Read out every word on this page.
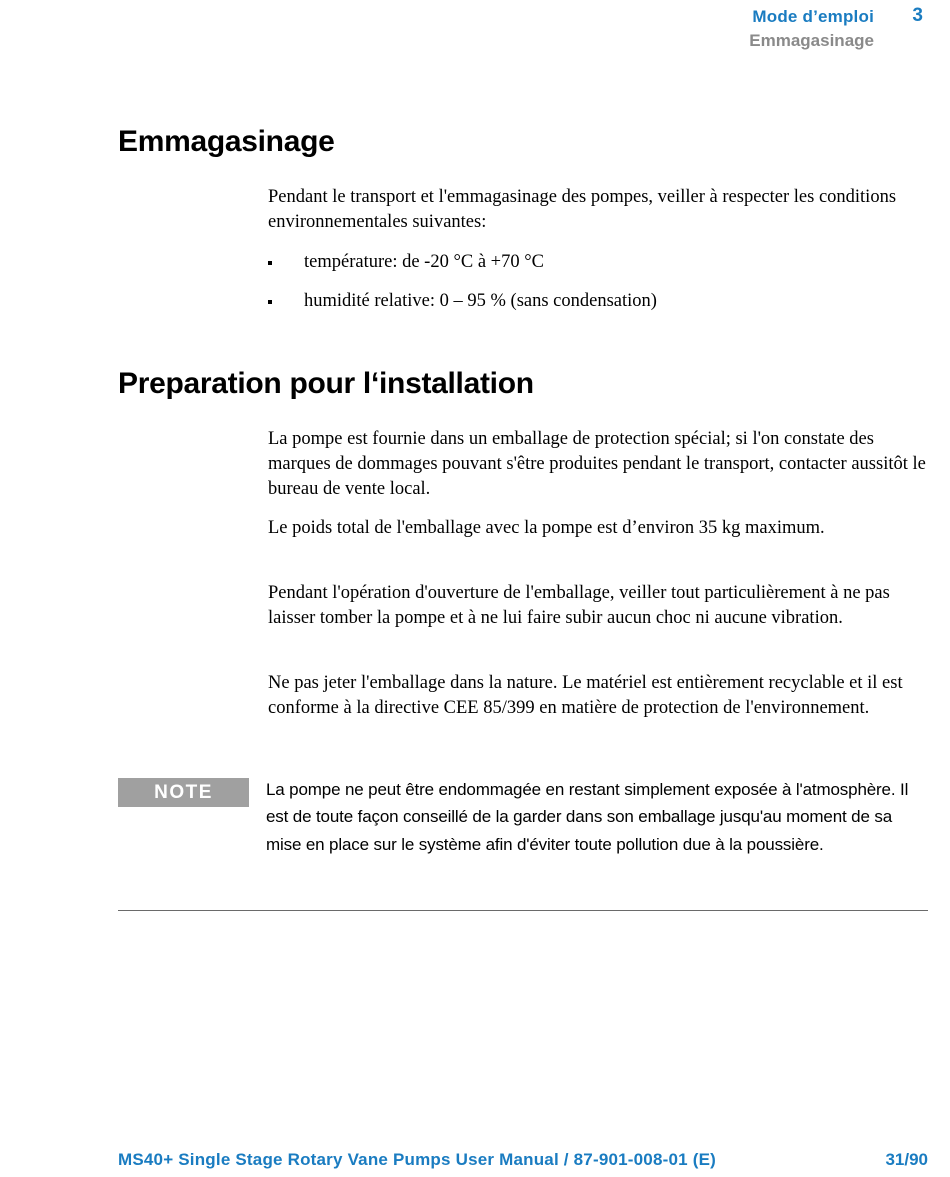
Mode d’emploi 3
Emmagasinage
Emmagasinage

Pendant le transport et l'emmagasinage des pompes, veiller à respecter les conditions environnementales suivantes:

température: de -20 °C à +70 °C
humidité relative: 0 – 95 % (sans condensation)
Preparation pour l‘installation

La pompe est fournie dans un emballage de protection spécial; si l'on constate des marques de dommages pouvant s'être produites pendant le transport, contacter aussitôt le bureau de vente local.

Le poids total de l'emballage avec la pompe est d’environ 35 kg maximum.

Pendant l'opération d'ouverture de l'emballage, veiller tout particulièrement à ne pas laisser tomber la pompe et à ne lui faire subir aucun choc ni aucune vibration.

Ne pas jeter l'emballage dans la nature. Le matériel est entièrement recyclable et il est conforme à la directive CEE 85/399 en matière de protection de l'environnement.

NOTE	La pompe ne peut être endommagée en restant simplement exposée à l'atmosphère. Il est de toute façon conseillé de la garder dans son emballage jusqu'au moment de sa mise en place sur le système afin d'éviter toute pollution due à la poussière.

MS40+ Single Stage Rotary Vane Pumps User Manual / 87-901-008-01 (E)	31/90
